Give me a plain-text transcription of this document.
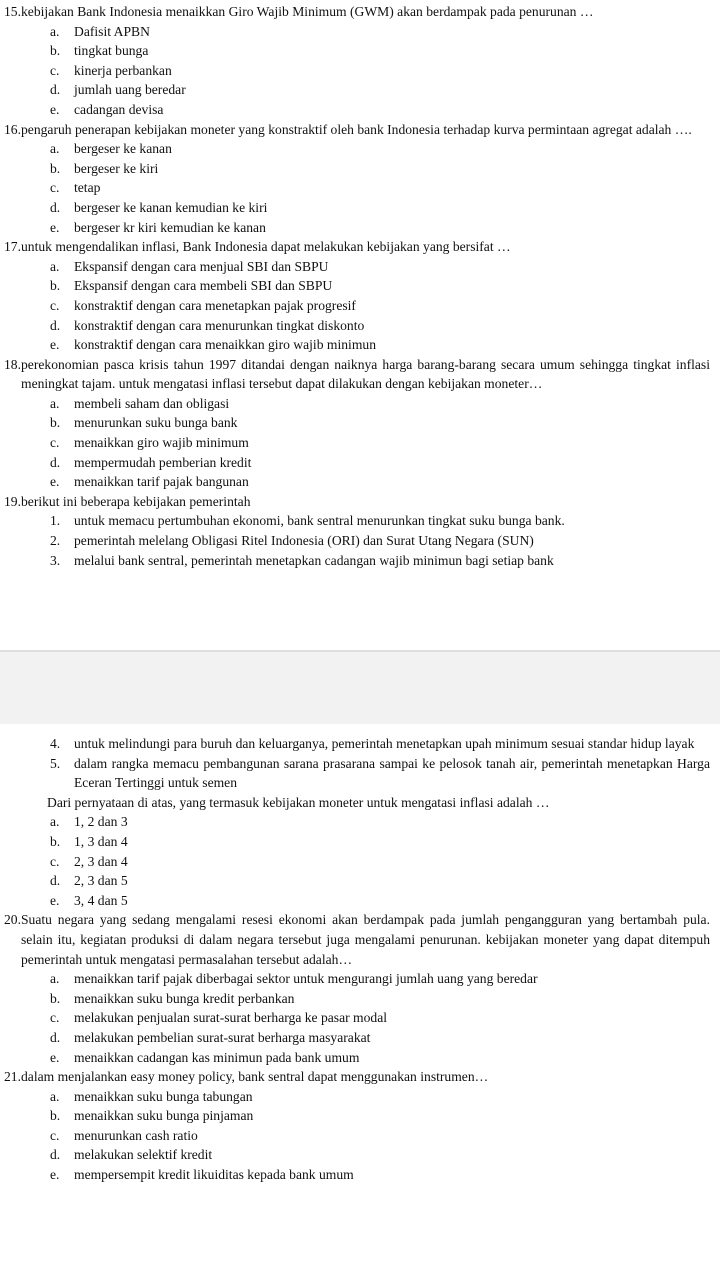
15. kebijakan Bank Indonesia menaikkan Giro Wajib Minimum (GWM) akan berdampak pada penurunan …
a. Dafisit APBN
b. tingkat bunga
c. kinerja perbankan
d. jumlah uang beredar
e. cadangan devisa
16. pengaruh penerapan kebijakan moneter yang konstraktif oleh bank Indonesia terhadap kurva permintaan agregat adalah ….
a. bergeser ke kanan
b. bergeser ke kiri
c. tetap
d. bergeser ke kanan kemudian ke kiri
e. bergeser kr kiri kemudian ke kanan
17. untuk mengendalikan inflasi, Bank Indonesia dapat melakukan kebijakan yang bersifat …
a. Ekspansif dengan cara menjual SBI dan SBPU
b. Ekspansif dengan cara membeli SBI dan SBPU
c. konstraktif dengan cara menetapkan pajak progresif
d. konstraktif dengan cara menurunkan tingkat diskonto
e. konstraktif dengan cara menaikkan giro wajib minimun
18. perekonomian pasca krisis tahun 1997 ditandai dengan naiknya harga barang-barang secara umum sehingga tingkat inflasi meningkat tajam. untuk mengatasi inflasi tersebut dapat dilakukan dengan kebijakan moneter…
a. membeli saham dan obligasi
b. menurunkan suku bunga bank
c. menaikkan giro wajib minimum
d. mempermudah pemberian kredit
e. menaikkan tarif pajak bangunan
19. berikut ini beberapa kebijakan pemerintah
1. untuk memacu pertumbuhan ekonomi, bank sentral menurunkan tingkat suku bunga bank.
2. pemerintah melelang Obligasi Ritel Indonesia (ORI) dan Surat Utang Negara (SUN)
3. melalui bank sentral, pemerintah menetapkan cadangan wajib minimun bagi setiap bank
4. untuk melindungi para buruh dan keluarganya, pemerintah menetapkan upah minimum sesuai standar hidup layak
5. dalam rangka memacu pembangunan sarana prasarana sampai ke pelosok tanah air, pemerintah menetapkan Harga Eceran Tertinggi untuk semen
Dari pernyataan di atas, yang termasuk kebijakan moneter untuk mengatasi inflasi adalah …
a. 1, 2 dan 3
b. 1, 3 dan 4
c. 2, 3 dan 4
d. 2, 3 dan 5
e. 3, 4 dan 5
20. Suatu negara yang sedang mengalami resesi ekonomi akan berdampak pada jumlah pengangguran yang bertambah pula. selain itu, kegiatan produksi di dalam negara tersebut juga mengalami penurunan. kebijakan moneter yang dapat ditempuh pemerintah untuk mengatasi permasalahan tersebut adalah…
a. menaikkan tarif pajak diberbagai sektor untuk mengurangi jumlah uang yang beredar
b. menaikkan suku bunga kredit perbankan
c. melakukan penjualan surat-surat berharga ke pasar modal
d. melakukan pembelian surat-surat berharga masyarakat
e. menaikkan cadangan kas minimun pada bank umum
21. dalam menjalankan easy money policy, bank sentral dapat menggunakan instrumen…
a. menaikkan suku bunga tabungan
b. menaikkan suku bunga pinjaman
c. menurunkan cash ratio
d. melakukan selektif kredit
e. mempersempit kredit likuiditas kepada bank umum
